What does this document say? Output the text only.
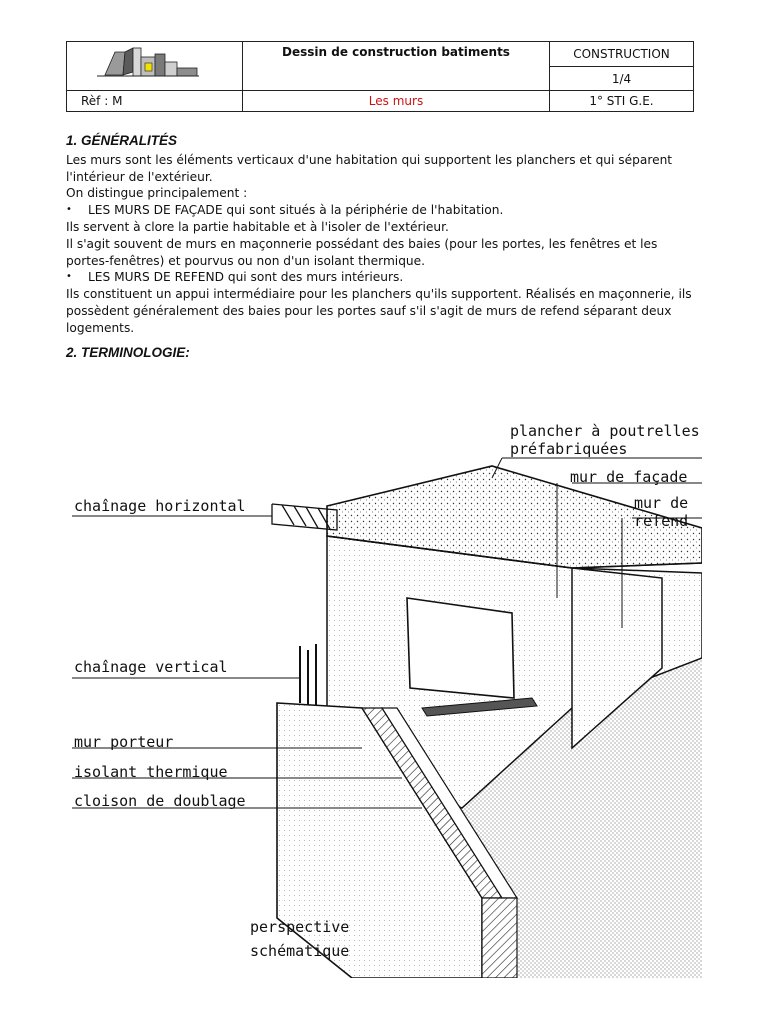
	Dessin de construction batiments	CONSTRUCTION
		1/4
Rèf : M	Les murs	1° STI G.E.
1. GÉNÉRALITÉS

Les murs sont les éléments verticaux d'une habitation qui supportent les planchers et qui séparent l'intérieur de l'extérieur.

On distingue principalement :

•	LES MURS DE FAÇADE qui sont situés à la périphérie de l'habitation.

Ils servent à clore la partie habitable et à l'isoler de l'extérieur.

Il s'agit souvent de murs en maçonnerie possédant des baies (pour les portes, les fenêtres et les portes-fenêtres) et pourvus ou non d'un isolant thermique.

•	LES MURS DE REFEND qui sont des murs intérieurs.

Ils constituent un appui intermédiaire pour les planchers qu'ils supportent. Réalisés en maçonnerie, ils possèdent généralement des baies pour les portes sauf s'il s'agit de murs de refend séparant deux logements.

2. TERMINOLOGIE:
plancher à poutrelles
préfabriquées
mur de façade
mur de
refend
chaînage horizontal
chaînage vertical
mur porteur
isolant thermique
cloison de doublage
perspective
schématique
